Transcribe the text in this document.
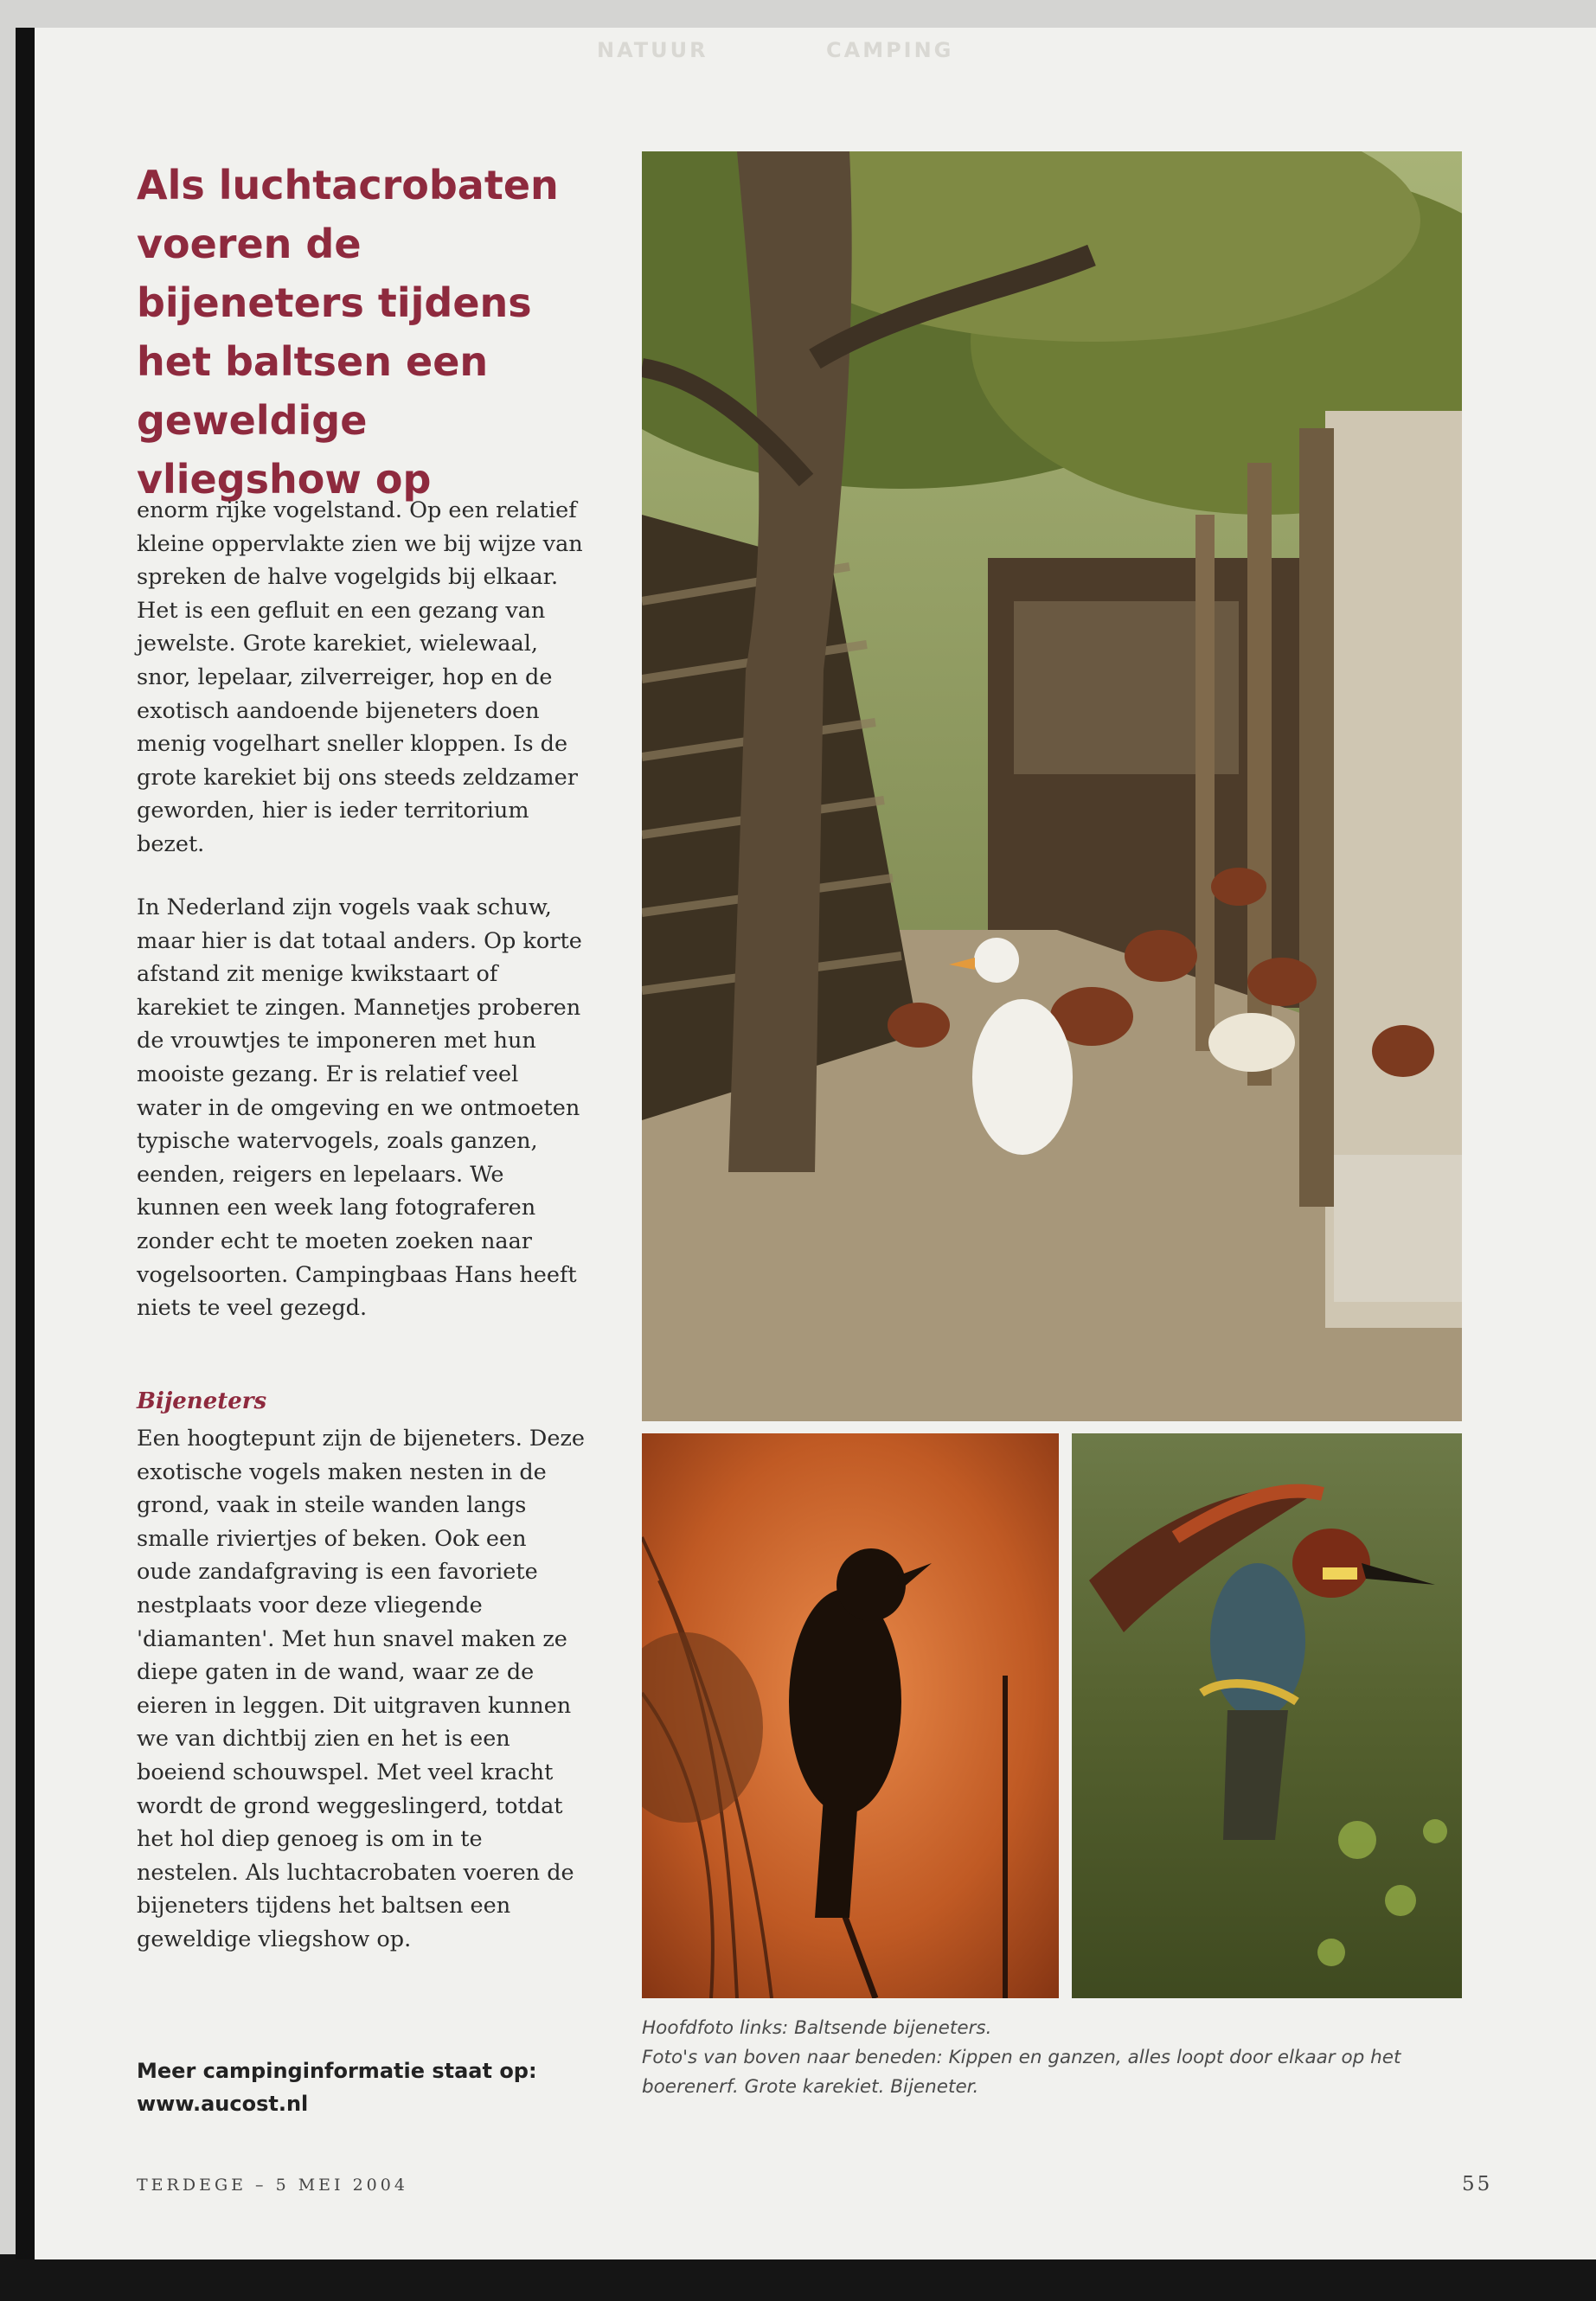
NATUUR	CAMPING

Als luchtacrobaten voeren de bijeneters tijdens het baltsen een geweldige vliegshow op

enorm rijke vogelstand. Op een relatief kleine oppervlakte zien we bij wijze van spreken de halve vogelgids bij elkaar. Het is een gefluit en een gezang van jewelste. Grote karekiet, wielewaal, snor, lepelaar, zilverreiger, hop en de exotisch aandoende bijeneters doen menig vogelhart sneller kloppen. Is de grote karekiet bij ons steeds zeldzamer geworden, hier is ieder territorium bezet.

In Nederland zijn vogels vaak schuw, maar hier is dat totaal anders. Op korte afstand zit menige kwikstaart of karekiet te zingen. Mannetjes proberen de vrouwtjes te imponeren met hun mooiste gezang. Er is relatief veel water in de omgeving en we ontmoeten typische watervogels, zoals ganzen, eenden, reigers en lepelaars. We kunnen een week lang fotograferen zonder echt te moeten zoeken naar vogelsoorten. Campingbaas Hans heeft niets te veel gezegd.

Bijeneters

Een hoogtepunt zijn de bijeneters. Deze exotische vogels maken nesten in de grond, vaak in steile wanden langs smalle riviertjes of beken. Ook een oude zandafgraving is een favoriete nestplaats voor deze vliegende 'diamanten'. Met hun snavel maken ze diepe gaten in de wand, waar ze de eieren in leggen. Dit uitgraven kunnen we van dichtbij zien en het is een boeiend schouwspel. Met veel kracht wordt de grond weggeslingerd, totdat het hol diep genoeg is om in te nestelen. Als luchtacrobaten voeren de bijeneters tijdens het baltsen een geweldige vliegshow op.

Meer campinginformatie staat op:
www.aucost.nl

Hoofdfoto links: Baltsende bijeneters.
Foto's van boven naar beneden: Kippen en ganzen, alles loopt door elkaar op het boerenerf. Grote karekiet. Bijeneter.

TERDEGE – 5 MEI 2004	55
